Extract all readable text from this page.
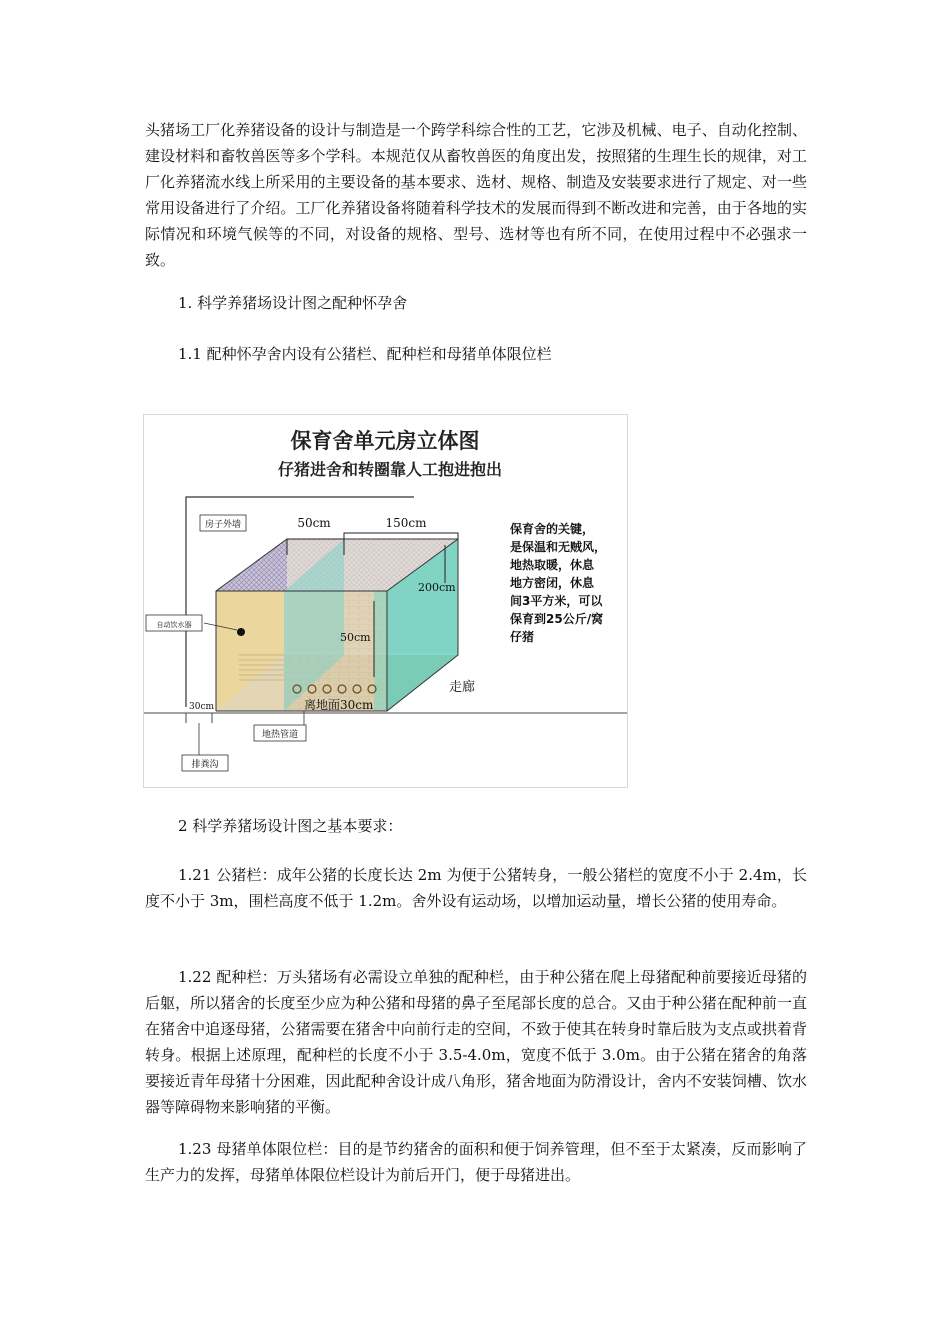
头猪场工厂化养猪设备的设计与制造是一个跨学科综合性的工艺，它涉及机械、电子、自动化控制、建设材料和畜牧兽医等多个学科。本规范仅从畜牧兽医的角度出发，按照猪的生理生长的规律，对工厂化养猪流水线上所采用的主要设备的基本要求、选材、规格、制造及安装要求进行了规定、对一些常用设备进行了介绍。工厂化养猪设备将随着科学技术的发展而得到不断改进和完善，由于各地的实际情况和环境气候等的不同，对设备的规格、型号、选材等也有所不同，在使用过程中不必强求一致。

1. 科学养猪场设计图之配种怀孕舍

1.1 配种怀孕舍内设有公猪栏、配种栏和母猪单体限位栏

保育舍单元房立体图
仔猪进舍和转圈靠人工抱进抱出
50cm	150cm
200cm
50cm
30cm	离地面30cm
走廊
房子外墙
自动饮水器
地热管道
排粪沟
保育舍的关键，
是保温和无贼风，
地热取暖，休息
地方密闭，休息
间3平方米，可以
保育到25公斤/窝
仔猪

2 科学养猪场设计图之基本要求：

1.21 公猪栏：成年公猪的长度长达 2m 为便于公猪转身，一般公猪栏的宽度不小于 2.4m，长度不小于 3m，围栏高度不低于 1.2m。舍外设有运动场，以增加运动量，增长公猪的使用寿命。

1.22 配种栏：万头猪场有必需设立单独的配种栏，由于种公猪在爬上母猪配种前要接近母猪的后躯，所以猪舍的长度至少应为种公猪和母猪的鼻子至尾部长度的总合。又由于种公猪在配种前一直在猪舍中追逐母猪，公猪需要在猪舍中向前行走的空间，不致于使其在转身时靠后肢为支点或拱着背转身。根据上述原理，配种栏的长度不小于 3.5-4.0m，宽度不低于 3.0m。由于公猪在猪舍的角落要接近青年母猪十分困难，因此配种舍设计成八角形，猪舍地面为防滑设计，舍内不安装饲槽、饮水器等障碍物来影响猪的平衡。

1.23 母猪单体限位栏：目的是节约猪舍的面积和便于饲养管理，但不至于太紧凑，反而影响了生产力的发挥，母猪单体限位栏设计为前后开门，便于母猪进出。
